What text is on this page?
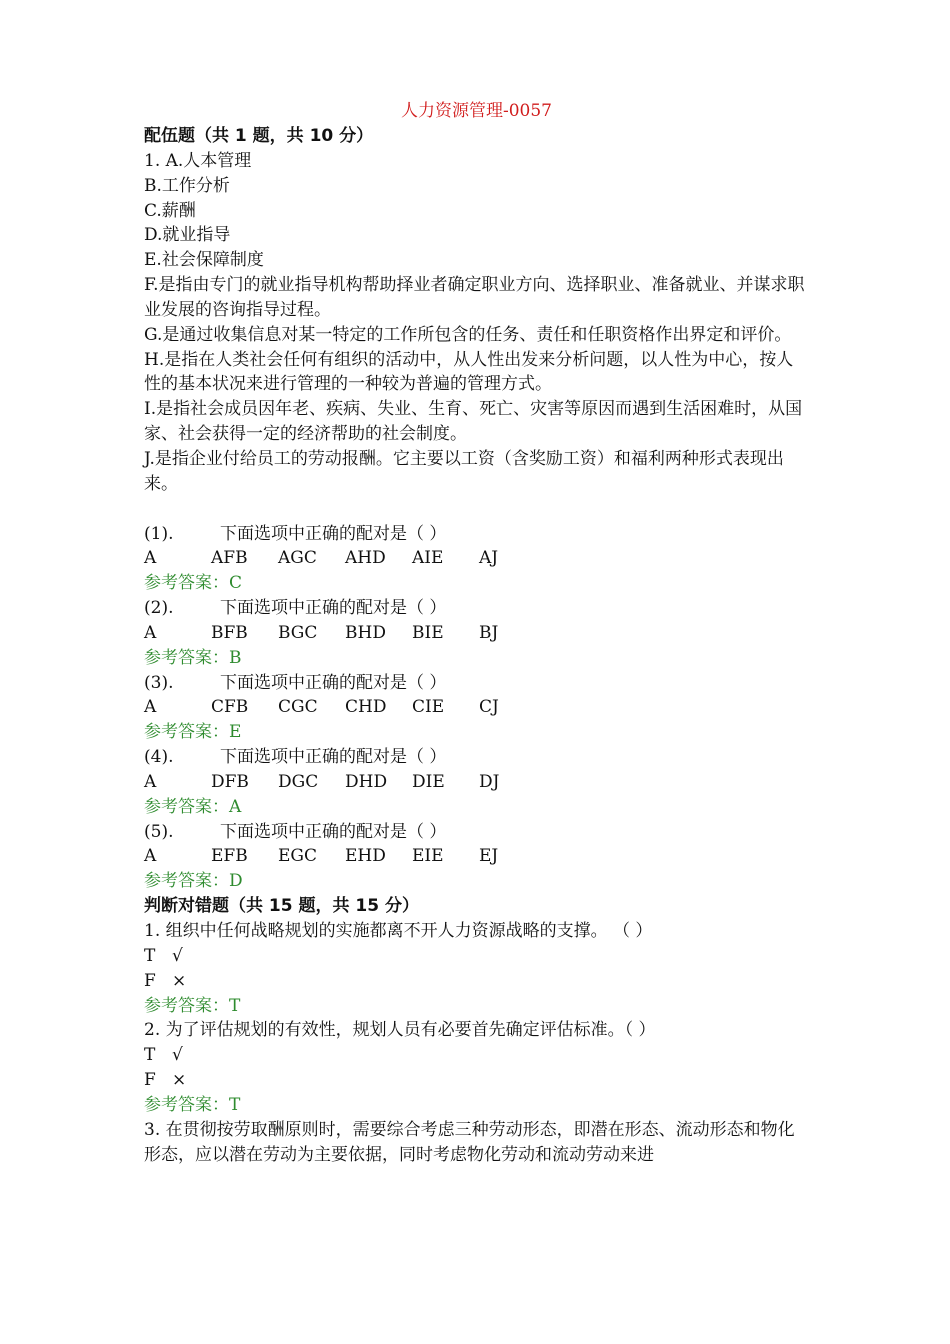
人力资源管理-0057
配伍题（共 1 题，共 10 分）
1. A.人本管理
B.工作分析
C.薪酬
D.就业指导
E.社会保障制度
F.是指由专门的就业指导机构帮助择业者确定职业方向、选择职业、准备就业、并谋求职业发展的咨询指导过程。
G.是通过收集信息对某一特定的工作所包含的任务、责任和任职资格作出界定和评价。
H.是指在人类社会任何有组织的活动中，从人性出发来分析问题，以人性为中心，按人性的基本状况来进行管理的一种较为普遍的管理方式。
I.是指社会成员因年老、疾病、失业、生育、死亡、灾害等原因而遇到生活困难时，从国家、社会获得一定的经济帮助的社会制度。
J.是指企业付给员工的劳动报酬。它主要以工资（含奖励工资）和福利两种形式表现出来。
(1).	下面选项中正确的配对是（ ）
A	AFB	AGC	AHD	AIE	AJ
参考答案：C
(2).	下面选项中正确的配对是（ ）
A	BFB	BGC	BHD	BIE	BJ
参考答案：B
(3).	下面选项中正确的配对是（ ）
A	CFB	CGC	CHD	CIE	CJ
参考答案：E
(4).	下面选项中正确的配对是（ ）
A	DFB	DGC	DHD	DIE	DJ
参考答案：A
(5).	下面选项中正确的配对是（ ）
A	EFB	EGC	EHD	EIE	EJ
参考答案：D
判断对错题（共 15 题，共 15 分）
1. 组织中任何战略规划的实施都离不开人力资源战略的支撑。 （ ）
T √
F ×
参考答案：T
2. 为了评估规划的有效性，规划人员有必要首先确定评估标准。（ ）
T √
F ×
参考答案：T
3. 在贯彻按劳取酬原则时，需要综合考虑三种劳动形态，即潜在形态、流动形态和物化形态，应以潜在劳动为主要依据，同时考虑物化劳动和流动劳动来进
